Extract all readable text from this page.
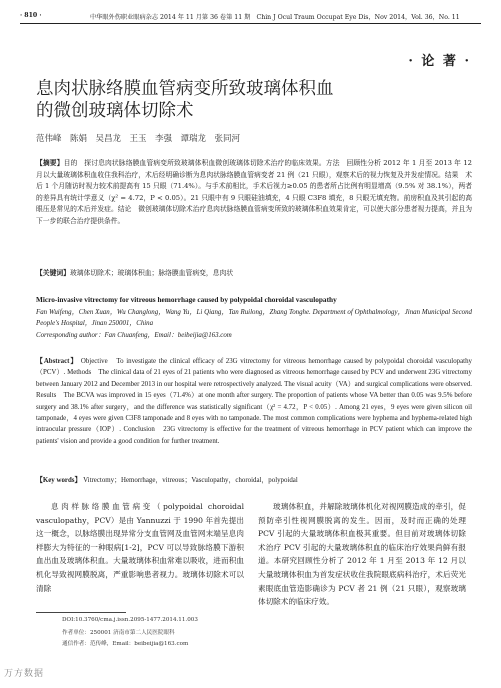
· 810 ·	中华眼外伤职业眼病杂志 2014 年 11 月第 36 卷第 11 期　Chin J Ocul Traum Occupat Eye Dis，Nov 2014，Vol. 36，No. 11
· 论 著 ·
息肉状脉络膜血管病变所致玻璃体积血
的微创玻璃体切除术
范伟峰　陈娟　吴昌龙　王玉　李强　谭瑞龙　张同河
【摘要】目的　探讨息肉状脉络膜血管病变所致玻璃体积血微创玻璃体切除术治疗的临床效果。方法　回顾性分析 2012 年 1 月至 2013 年 12 月以大量玻璃体积血收住我科治疗，术后经明确诊断为息肉状脉络膜血管病变者 21 例（21 只眼），观察术后的视力恢复及并发症情况。结果　术后 1 个月随访时视力较术前提高有 15 只眼（71.4%）。与手术前相比，手术后视力≥0.05 的患者所占比例有明显增高（9.5% 对 38.1%），两者的差异具有统计学意义（χ² = 4.72，P < 0.05）。21 只眼中有 9 只眼硅油填充，4 只眼 C3F8 填充，8 只眼无填充物。前房积血及其引起的高眼压是常见的术后并发症。结论　微创玻璃体切除术治疗息肉状脉络膜血管病变所致的玻璃体积血效果肯定，可以使大部分患者视力提高，并且为下一步的联合治疗提供条件。
【关键词】玻璃体切除术；玻璃体积血；脉络膜血管病变，息肉状
Micro-invasive vitrectomy for vitreous hemorrhage caused by polypoidal choroidal vasculopathy
Fan Wuifeng，Chen Xuan，Wu Changlong，Wang Yu，Li Qiang，Tan Ruilong，Zhang Tonghe. Department of Ophthalmology，Jinan Municipal Second People's Hospital，Jinan 250001，China
Corresponding author：Fan Chuanfeng，Email：beibeijia@163.com
【Abstract】 Objective　To investigate the clinical efficacy of 23G vitrectomy for vitreous hemorrhage caused by polypoidal choroidal vasculopathy（PCV）. Methods　The clinical data of 21 eyes of 21 patients who were diagnosed as vitreous hemorrhage caused by PCV and underwent 23G vitrectomy between January 2012 and December 2013 in our hospital were retrospectively analyzed. The visual acuity（VA）and surgical complications were observed. Results　The BCVA was improved in 15 eyes（71.4%）at one month after surgery. The proportion of patients whose VA better than 0.05 was 9.5% before surgery and 38.1% after surgery，and the difference was statistically significant（χ² = 4.72，P < 0.05）. Among 21 eyes，9 eyes were given silicon oil tamponade，4 eyes were given C3F8 tamponade and 8 eyes with no tamponade. The most common complications were hyphema and hyphema-related high intraocular pressure（IOP）. Conclusion　23G vitrectomy is effective for the treatment of vitreous hemorrhage in PCV patient which can improve the patients' vision and provide a good condition for further treatment.
【Key words】 Vitrectomy；Hemorrhage，vitreous；Vasculopathy，choroidal，polypoidal
息肉样脉络膜血管病变（polypoidal choroidal vasculopathy，PCV）是由 Yannuzzi 于 1990 年首先提出这一概念，以脉络膜出现异常分支血管网及血管网末端呈息肉样膨大为特征的一种眼病[1-2]，PCV 可以导致脉络膜下游积血出血及玻璃体积血。大量玻璃体积血常难以吸收，进而积血机化导致视网膜脱离，严重影响患者视力。玻璃体切除术可以清除
玻璃体积血，并解除玻璃体机化对视网膜造成的牵引，促预防牵引性视网膜脱离的发生。因而，及时而正确的处理 PCV 引起的大量玻璃体积血极其重要。但目前对玻璃体切除术治疗 PCV 引起的大量玻璃体积血的临床治疗效果尚鲜有报道。本研究回顾性分析了 2012 年 1 月至 2013 年 12 月以大量玻璃体积血为首发症状收住我院眼底病科治疗，术后荧光素眼底血管造影确诊为 PCV 者 21 例（21 只眼），观察玻璃体切除术的临床疗效。
DOI:10.3760/cma.j.issn.2095-1477.2014.11.003
作者单位：250001 济南市第二人民医院眼科
通信作者：范传峰，Email：beibeijia@163.com
万方数据
